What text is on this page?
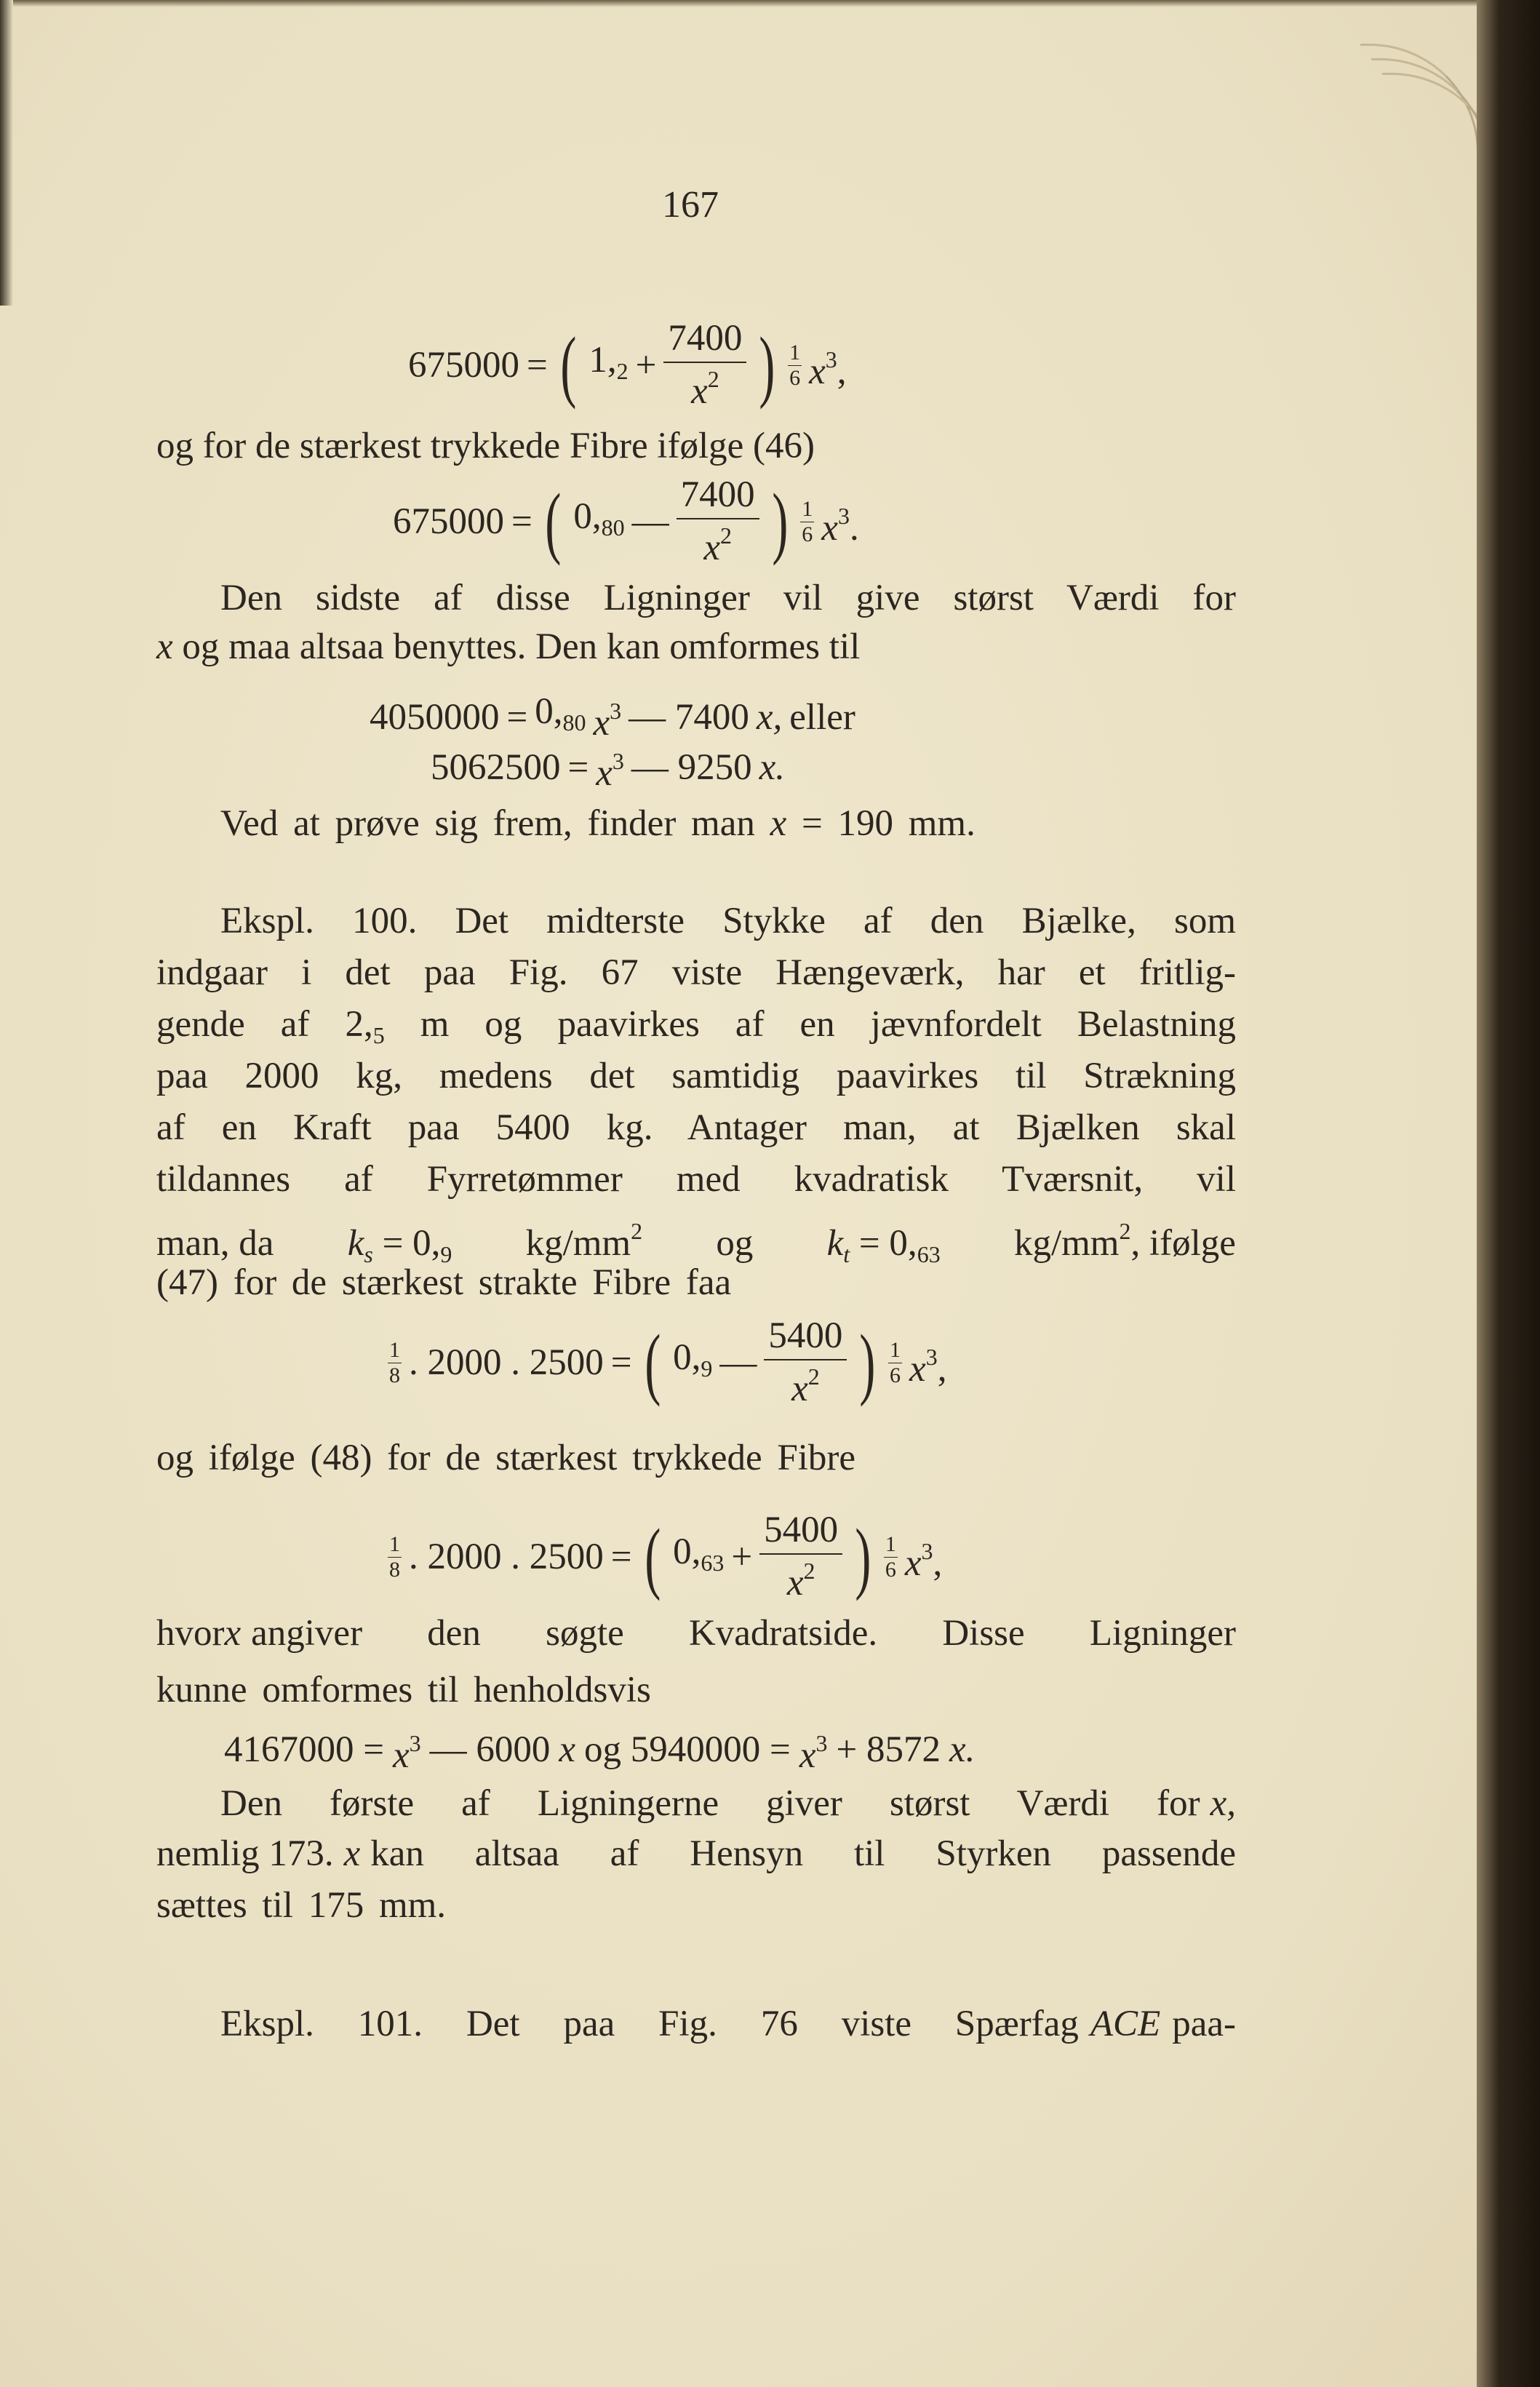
167
675000 = ( $1,_2 + \frac{7400}{x^2}$ ) $\frac{1}{6} x^3$,
og for de stærkest trykkede Fibre ifølge (46)
675000 = ( $0,_{80}$ — $\frac{7400}{x^2}$ ) $\frac{1}{6} x^3$.
Den sidste af disse Ligninger vil give størst Værdi for
x og maa altsaa benyttes. Den kan omformes til
$4050000 = 0,_{80}$ $x^3$ — 7400 x, eller
$5062500 = x^3$ — 9250 x.
Ved at prøve sig frem, finder man x = 190 mm.
Ekspl. 100. Det midterste Stykke af den Bjælke, som
indgaar i det paa Fig. 67 viste Hængeværk, har et fritlig-
gende af $2,_5$ m og paavirkes af en jævnfordelt Belastning
paa 2000 kg, medens det samtidig paavirkes til Strækning
af en Kraft paa 5400 kg. Antager man, at Bjælken skal
tildannes af Fyrretømmer med kvadratisk Tværsnit, vil
man, da $k_s = 0,_9$ $kg/mm^2$ og $k_t = 0,_{63}$ $kg/mm^2$, ifølge
(47) for de stærkest strakte Fibre faa
$\frac{1}{8}$ . 2000 . 2500 = ( $0,_9$ — $\frac{5400}{x^2}$ ) $\frac{1}{6} x^3$,
og ifølge (48) for de stærkest trykkede Fibre
$\frac{1}{8}$ . 2000 . 2500 = ( $0,_{63} + \frac{5400}{x^2}$ ) $\frac{1}{6} x^3$,
hvor x angiver den søgte Kvadratside. Disse Ligninger
kunne omformes til henholdsvis
$4167000 = x^3$ — 6000 x og $5940000 = x^3 + 8572$ x.
Den første af Ligningerne giver størst Værdi for x,
nemlig 173. x kan altsaa af Hensyn til Styrken passende
sættes til 175 mm.
Ekspl. 101. Det paa Fig. 76 viste Spærfag ACE paa-
